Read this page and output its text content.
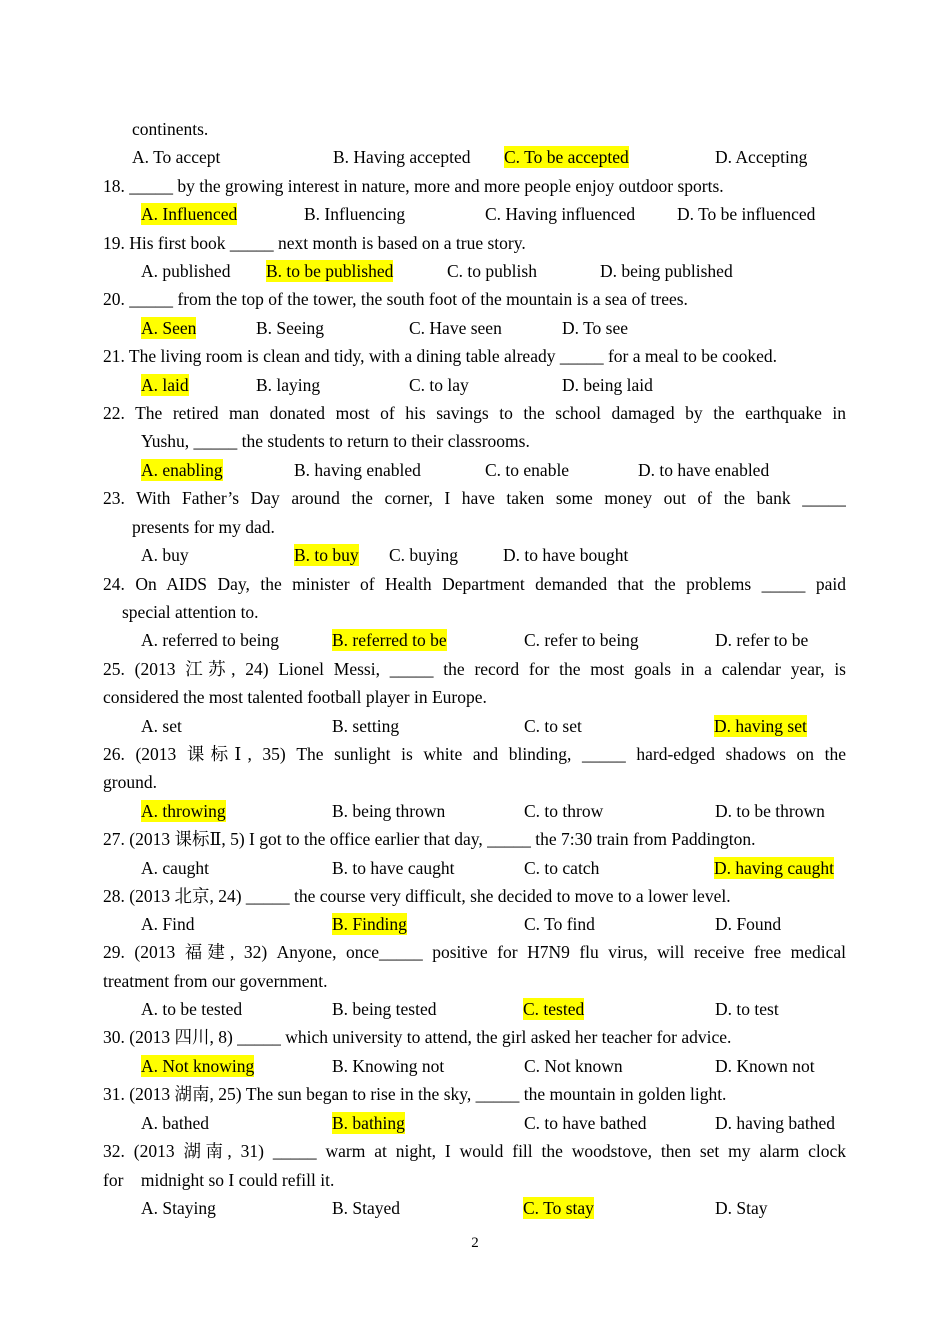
continents.
A. To accept	B. Having accepted C. To be accepted	D. Accepting
18. _____ by the growing interest in nature, more and more people enjoy outdoor sports.
A. Influenced	B. Influencing	C. Having influenced D. To be influenced
19. His first book _____ next month is based on a true story.
A. published B. to be published	C. to publish	D. being published
20. _____ from the top of the tower, the south foot of the mountain is a sea of trees.
A. Seen	B. Seeing	C. Have seen	D. To see
21. The living room is clean and tidy, with a dining table already _____ for a meal to be cooked.
A. laid	B. laying	C. to lay	D. being laid
22. The retired man donated most of his savings to the school damaged by the earthquake in
Yushu, _____ the students to return to their classrooms.
A. enabling	B. having enabled	C. to enable	D. to have enabled
23. With Father’s Day around the corner, I have taken some money out of the bank _____
presents for my dad.
A. buy	B. to buy C. buying	D. to have bought
24. On AIDS Day, the minister of Health Department demanded that the problems _____ paid
special attention to.
A. referred to being	B. referred to be	C. refer to being	D. refer to be
25. (2013 江苏, 24) Lionel Messi, _____ the record for the most goals in a calendar year, is
considered the most talented football player in Europe.
A. set	B. setting	C. to set	D. having set
26. (2013 课标Ⅰ, 35) The sunlight is white and blinding, _____ hard-edged shadows on the
ground.
A. throwing	B. being thrown	C. to throw	D. to be thrown
27. (2013 课标Ⅱ, 5) I got to the office earlier that day, _____ the 7:30 train from Paddington.
A. caught	B. to have caught	C. to catch	D. having caught
28. (2013 北京, 24) _____ the course very difficult, she decided to move to a lower level.
A. Find	B. Finding	C. To find	D. Found
29. (2013 福建, 32) Anyone, once_____ positive for H7N9 flu virus, will receive free medical
treatment from our government.
A. to be tested	B. being tested	C. tested	D. to test
30. (2013 四川, 8) _____ which university to attend, the girl asked her teacher for advice.
A. Not knowing	B. Knowing not	C. Not known	D. Known not
31. (2013 湖南, 25) The sun began to rise in the sky, _____ the mountain in golden light.
A. bathed	B. bathing	C. to have bathed	D. having bathed
32. (2013 湖南, 31) _____ warm at night, I would fill the woodstove, then set my alarm clock
for    midnight so I could refill it.
A. Staying	B. Stayed	C. To stay	D. Stay
2
